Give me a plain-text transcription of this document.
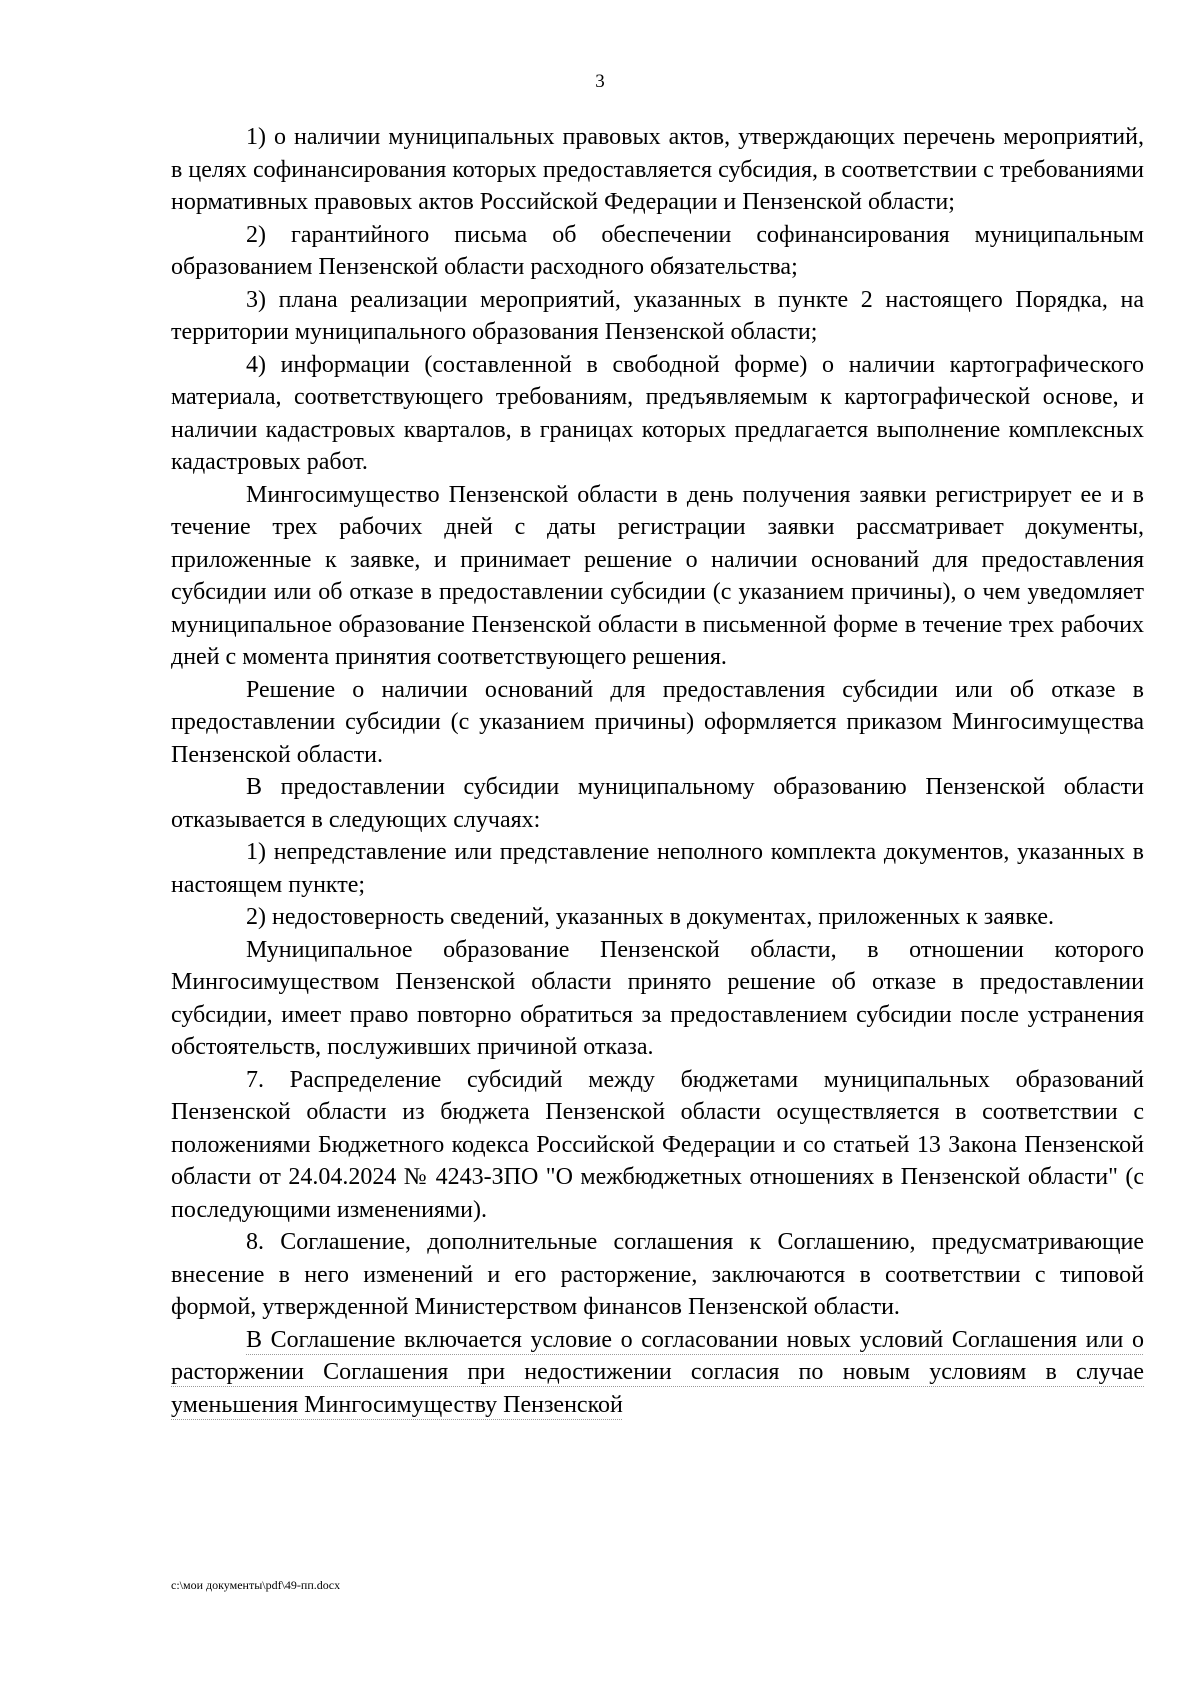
3

1) о наличии муниципальных правовых актов, утверждающих перечень мероприятий, в целях софинансирования которых предоставляется субсидия, в соответствии с требованиями нормативных правовых актов Российской Федерации и Пензенской области;

2) гарантийного письма об обеспечении софинансирования муниципальным образованием Пензенской области расходного обязательства;

3) плана реализации мероприятий, указанных в пункте 2 настоящего Порядка, на территории муниципального образования Пензенской области;

4) информации (составленной в свободной форме) о наличии картографического материала, соответствующего требованиям, предъявляемым к картографической основе, и наличии кадастровых кварталов, в границах которых предлагается выполнение комплексных кадастровых работ.

Мингосимущество Пензенской области в день получения заявки регистрирует ее и в течение трех рабочих дней с даты регистрации заявки рассматривает документы, приложенные к заявке, и принимает решение о наличии оснований для предоставления субсидии или об отказе в предоставлении субсидии (с указанием причины), о чем уведомляет муниципальное образование Пензенской области в письменной форме в течение трех рабочих дней с момента принятия соответствующего решения.

Решение о наличии оснований для предоставления субсидии или об отказе в предоставлении субсидии (с указанием причины) оформляется приказом Мингосимущества Пензенской области.

В предоставлении субсидии муниципальному образованию Пензенской области отказывается в следующих случаях:

1) непредставление или представление неполного комплекта документов, указанных в настоящем пункте;

2) недостоверность сведений, указанных в документах, приложенных к заявке.

Муниципальное образование Пензенской области, в отношении которого Мингосимуществом Пензенской области принято решение об отказе в предоставлении субсидии, имеет право повторно обратиться за предоставлением субсидии после устранения обстоятельств, послуживших причиной отказа.

7. Распределение субсидий между бюджетами муниципальных образований Пензенской области из бюджета Пензенской области осуществляется в соответствии с положениями Бюджетного кодекса Российской Федерации и со статьей 13 Закона Пензенской области от 24.04.2024 № 4243-ЗПО "О межбюджетных отношениях в Пензенской области" (с последующими изменениями).

8. Соглашение, дополнительные соглашения к Соглашению, предусматривающие внесение в него изменений и его расторжение, заключаются в соответствии с типовой формой, утвержденной Министерством финансов Пензенской области.

В Соглашение включается условие о согласовании новых условий Соглашения или о расторжении Соглашения при недостижении согласия по новым условиям в случае уменьшения Мингосимуществу Пензенской

c:\мои документы\pdf\49-пп.docx
